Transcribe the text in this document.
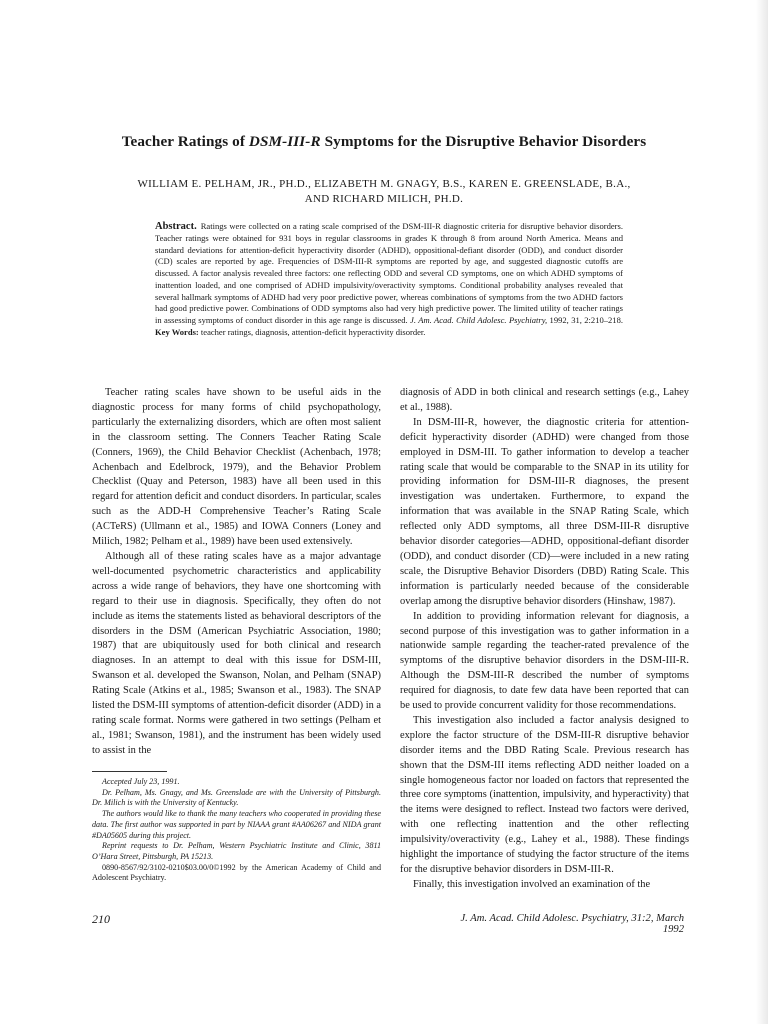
Teacher Ratings of DSM-III-R Symptoms for the Disruptive Behavior Disorders
WILLIAM E. PELHAM, JR., PH.D., ELIZABETH M. GNAGY, B.S., KAREN E. GREENSLADE, B.A.,
AND RICHARD MILICH, PH.D.
Abstract. Ratings were collected on a rating scale comprised of the DSM-III-R diagnostic criteria for disruptive behavior disorders. Teacher ratings were obtained for 931 boys in regular classrooms in grades K through 8 from around North America. Means and standard deviations for attention-deficit hyperactivity disorder (ADHD), oppositional-defiant disorder (ODD), and conduct disorder (CD) scales are reported by age. Frequencies of DSM-III-R symptoms are reported by age, and suggested diagnostic cutoffs are discussed. A factor analysis revealed three factors: one reflecting ODD and several CD symptoms, one on which ADHD symptoms of inattention loaded, and one comprised of ADHD impulsivity/overactivity symptoms. Conditional probability analyses revealed that several hallmark symptoms of ADHD had very poor predictive power, whereas combinations of symptoms from the two ADHD factors had good predictive power. Combinations of ODD symptoms also had very high predictive power. The limited utility of teacher ratings in assessing symptoms of conduct disorder in this age range is discussed. J. Am. Acad. Child Adolesc. Psychiatry, 1992, 31, 2:210–218. Key Words: teacher ratings, diagnosis, attention-deficit hyperactivity disorder.

Teacher rating scales have shown to be useful aids in the diagnostic process for many forms of child psychopathology, particularly the externalizing disorders, which are often most salient in the classroom setting. The Conners Teacher Rating Scale (Conners, 1969), the Child Behavior Checklist (Achenbach, 1978; Achenbach and Edelbrock, 1979), and the Behavior Problem Checklist (Quay and Peterson, 1983) have all been used in this regard for attention deficit and conduct disorders. In particular, scales such as the ADD-H Comprehensive Teacher’s Rating Scale (ACTeRS) (Ullmann et al., 1985) and IOWA Conners (Loney and Milich, 1982; Pelham et al., 1989) have been used extensively.

Although all of these rating scales have as a major advantage well-documented psychometric characteristics and applicability across a wide range of behaviors, they have one shortcoming with regard to their use in diagnosis. Specifically, they often do not include as items the statements listed as behavioral descriptors of the disorders in the DSM (American Psychiatric Association, 1980; 1987) that are ubiquitously used for both clinical and research diagnoses. In an attempt to deal with this issue for DSM-III, Swanson et al. developed the Swanson, Nolan, and Pelham (SNAP) Rating Scale (Atkins et al., 1985; Swanson et al., 1983). The SNAP listed the DSM-III symptoms of attention-deficit disorder (ADD) in a rating scale format. Norms were gathered in two settings (Pelham et al., 1981; Swanson, 1981), and the instrument has been widely used to assist in the

Accepted July 23, 1991.

Dr. Pelham, Ms. Gnagy, and Ms. Greenslade are with the University of Pittsburgh. Dr. Milich is with the University of Kentucky.

The authors would like to thank the many teachers who cooperated in providing these data. The first author was supported in part by NIAAA grant #AA06267 and NIDA grant #DA05605 during this project.

Reprint requests to Dr. Pelham, Western Psychiatric Institute and Clinic, 3811 O’Hara Street, Pittsburgh, PA 15213.

0890-8567/92/3102-0210$03.00/0©1992 by the American Academy of Child and Adolescent Psychiatry.

diagnosis of ADD in both clinical and research settings (e.g., Lahey et al., 1988).

In DSM-III-R, however, the diagnostic criteria for attention-deficit hyperactivity disorder (ADHD) were changed from those employed in DSM-III. To gather information to develop a teacher rating scale that would be comparable to the SNAP in its utility for providing information for DSM-III-R diagnoses, the present investigation was undertaken. Furthermore, to expand the information that was available in the SNAP Rating Scale, which reflected only ADD symptoms, all three DSM-III-R disruptive behavior disorder categories—ADHD, oppositional-defiant disorder (ODD), and conduct disorder (CD)—were included in a new rating scale, the Disruptive Behavior Disorders (DBD) Rating Scale. This information is particularly needed because of the considerable overlap among the disruptive behavior disorders (Hinshaw, 1987).

In addition to providing information relevant for diagnosis, a second purpose of this investigation was to gather information in a nationwide sample regarding the teacher-rated prevalence of the symptoms of the disruptive behavior disorders in the DSM-III-R. Although the DSM-III-R described the number of symptoms required for diagnosis, to date few data have been reported that can be used to provide concurrent validity for those recommendations.

This investigation also included a factor analysis designed to explore the factor structure of the DSM-III-R disruptive behavior disorder items and the DBD Rating Scale. Previous research has shown that the DSM-III items reflecting ADD neither loaded on a single homogeneous factor nor loaded on factors that represented the three core symptoms (inattention, impulsivity, and hyperactivity) that the items were designed to reflect. Instead two factors were derived, with one reflecting inattention and the other reflecting impulsivity/overactivity (e.g., Lahey et al., 1988). These findings highlight the importance of studying the factor structure of the items for the disruptive behavior disorders in DSM-III-R.

Finally, this investigation involved an examination of the

210	J. Am. Acad. Child Adolesc. Psychiatry, 31:2, March 1992
